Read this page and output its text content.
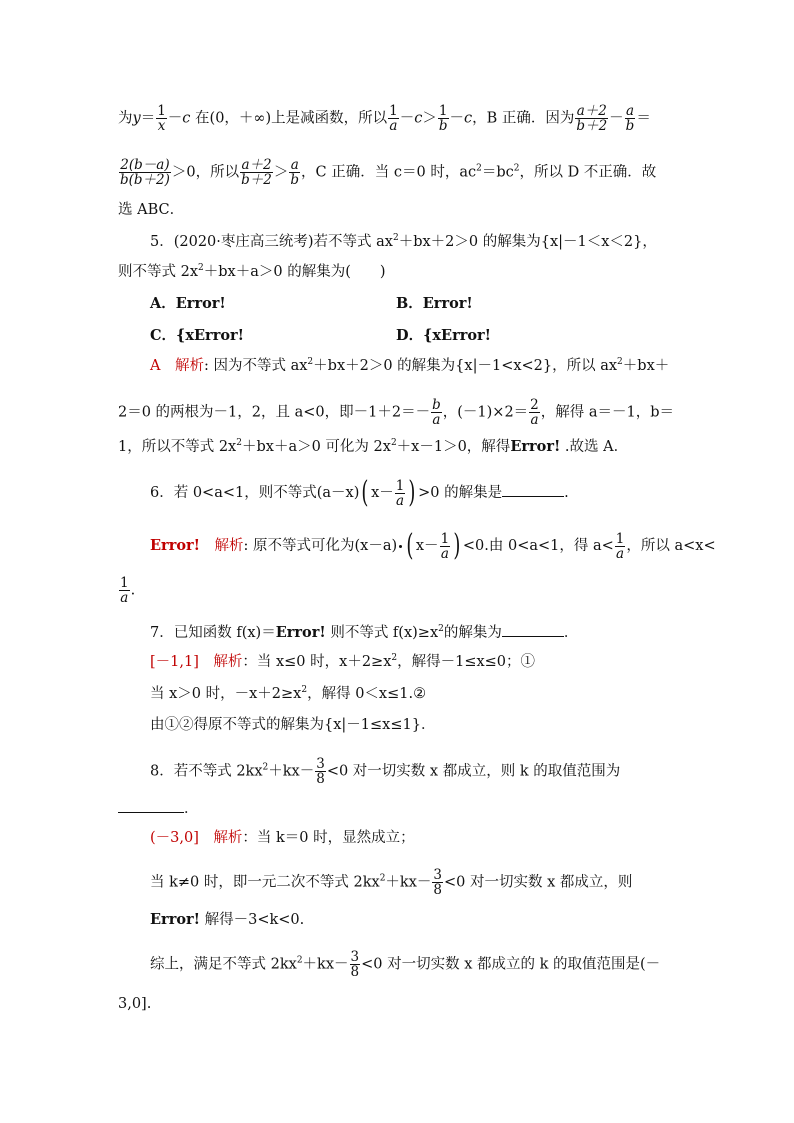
为$y= \frac{1}{x} -c$ 在(0，＋∞)上是减函数，所以 $\frac{1}{a} -c> \frac{1}{b} -c$，B 正确．因为 $\frac{a+2}{b+2} - \frac{a}{b}$ ＝
$\frac{2(b-a)}{b(b+2)} >0$，所以 $\frac{a+2}{b+2} > \frac{a}{b}$ ，C 正确．当 c＝0 时，$ac^2=bc^2$，所以 D 不正确．故
选 ABC．
5．(2020·枣庄高三统考)若不等式 $ax^2+bx+2>0$ 的解集为{x|－1＜x＜2}，
则不等式 $2x^2+bx+a>0$ 的解集为(　　)
A．Error!	B．Error!
C．{xError!	D．{xError!
A　 解析: 因为不等式 $ax^2+bx+2>0$ 的解集为{x|－1<x<2}，所以 $ax^2+bx+$
2＝0 的两根为－1，2，且 a<0，即$-1+2=- \frac{b}{a}$ ，$(-1)\times 2= \frac{2}{a}$ ，解得 a＝－1，b＝
1，所以不等式 $2x^2+bx+a>0$ 可化为 $2x^2+x-1>0$，解得Error! .故选 A．
6．若 0<a<1，则不等式(a－x)( $x- \frac{1}{a}$ ) >0 的解集是	.
Error!　 解析: 原不等式可化为(x－a) ( $x- \frac{1}{a}$ ) <0.由 0<a<1，得 $a< \frac{1}{a}$ ，所以 a<x<
$\frac{1}{a}$ .
7．已知函数 f(x)＝Error! 则不等式 $f(x)\ge x^2$的解集为	．
[－1,1]　 解析：当 x≤0 时，$x+2\ge x^2$，解得－1≤x≤0；①
当 x＞0 时，$-x+2\ge x^2$，解得 0＜x≤1.②
由①②得原不等式的解集为{x|－1≤x≤1}．
8．若不等式 $2kx^2+kx- \frac{3}{8} <0$ 对一切实数 x 都成立，则 k 的取值范围为
．
(－3,0]　 解析：当 k＝0 时，显然成立；
当 k≠0 时，即一元二次不等式 $2kx^2+kx- \frac{3}{8} <0$ 对一切实数 x 都成立，则
Error! 解得－3<k<0.
综上，满足不等式 $2kx^2+kx- \frac{3}{8} <0$ 对一切实数 x 都成立的 k 的取值范围是(－
3,0].
